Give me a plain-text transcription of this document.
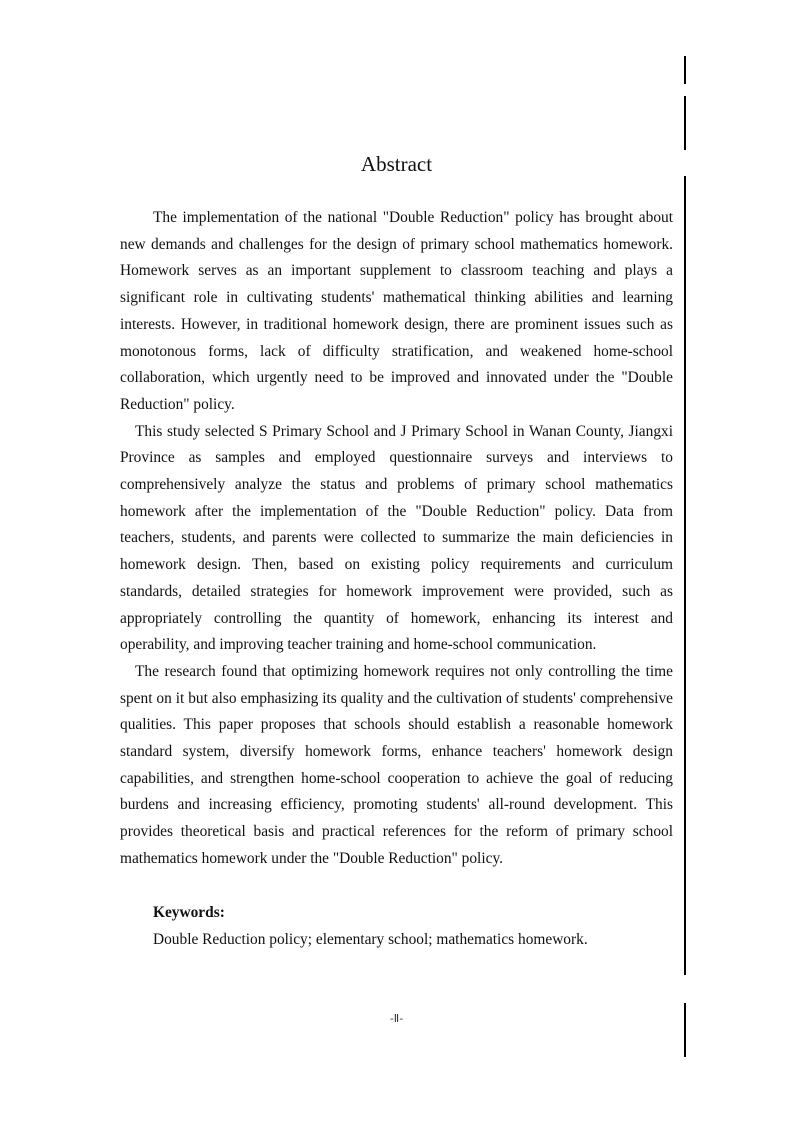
Abstract

The implementation of the national "Double Reduction" policy has brought about new demands and challenges for the design of primary school mathematics homework. Homework serves as an important supplement to classroom teaching and plays a significant role in cultivating students' mathematical thinking abilities and learning interests. However, in traditional homework design, there are prominent issues such as monotonous forms, lack of difficulty stratification, and weakened home-school collaboration, which urgently need to be improved and innovated under the "Double Reduction" policy.

This study selected S Primary School and J Primary School in Wanan County, Jiangxi Province as samples and employed questionnaire surveys and interviews to comprehensively analyze the status and problems of primary school mathematics homework after the implementation of the "Double Reduction" policy. Data from teachers, students, and parents were collected to summarize the main deficiencies in homework design. Then, based on existing policy requirements and curriculum standards, detailed strategies for homework improvement were provided, such as appropriately controlling the quantity of homework, enhancing its interest and operability, and improving teacher training and home-school communication.

The research found that optimizing homework requires not only controlling the time spent on it but also emphasizing its quality and the cultivation of students' comprehensive qualities. This paper proposes that schools should establish a reasonable homework standard system, diversify homework forms, enhance teachers' homework design capabilities, and strengthen home-school cooperation to achieve the goal of reducing burdens and increasing efficiency, promoting students' all-round development. This provides theoretical basis and practical references for the reform of primary school mathematics homework under the "Double Reduction" policy.

Keywords:
Double Reduction policy; elementary school; mathematics homework.
-Ⅱ-
